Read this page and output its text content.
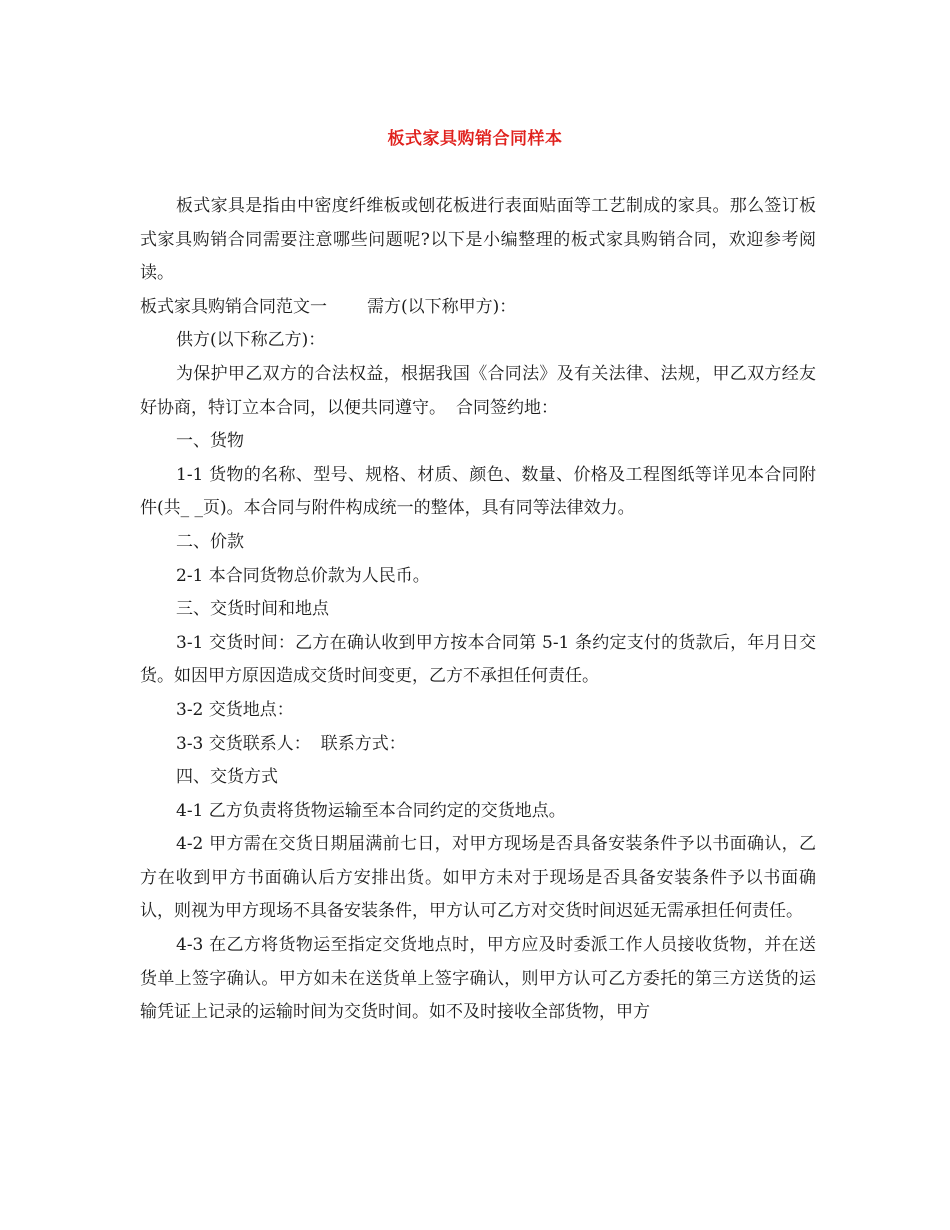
板式家具购销合同样本

板式家具是指由中密度纤维板或刨花板进行表面贴面等工艺制成的家具。那么签订板式家具购销合同需要注意哪些问题呢?以下是小编整理的板式家具购销合同，欢迎参考阅读。

板式家具购销合同范文一 需方(以下称甲方)：

供方(以下称乙方)：

为保护甲乙双方的合法权益，根据我国《合同法》及有关法律、法规，甲乙双方经友好协商，特订立本合同，以便共同遵守。 合同签约地：

一、货物

1-1 货物的名称、型号、规格、材质、颜色、数量、价格及工程图纸等详见本合同附件(共_ _页)。本合同与附件构成统一的整体，具有同等法律效力。

二、价款

2-1 本合同货物总价款为人民币。

三、交货时间和地点

3-1 交货时间：乙方在确认收到甲方按本合同第 5-1 条约定支付的货款后，年月日交货。如因甲方原因造成交货时间变更，乙方不承担任何责任。

3-2 交货地点：

3-3 交货联系人： 联系方式：

四、交货方式

4-1 乙方负责将货物运输至本合同约定的交货地点。

4-2 甲方需在交货日期届满前七日，对甲方现场是否具备安装条件予以书面确认，乙方在收到甲方书面确认后方安排出货。如甲方未对于现场是否具备安装条件予以书面确认，则视为甲方现场不具备安装条件，甲方认可乙方对交货时间迟延无需承担任何责任。

4-3 在乙方将货物运至指定交货地点时，甲方应及时委派工作人员接收货物，并在送货单上签字确认。甲方如未在送货单上签字确认，则甲方认可乙方委托的第三方送货的运输凭证上记录的运输时间为交货时间。如不及时接收全部货物，甲方
